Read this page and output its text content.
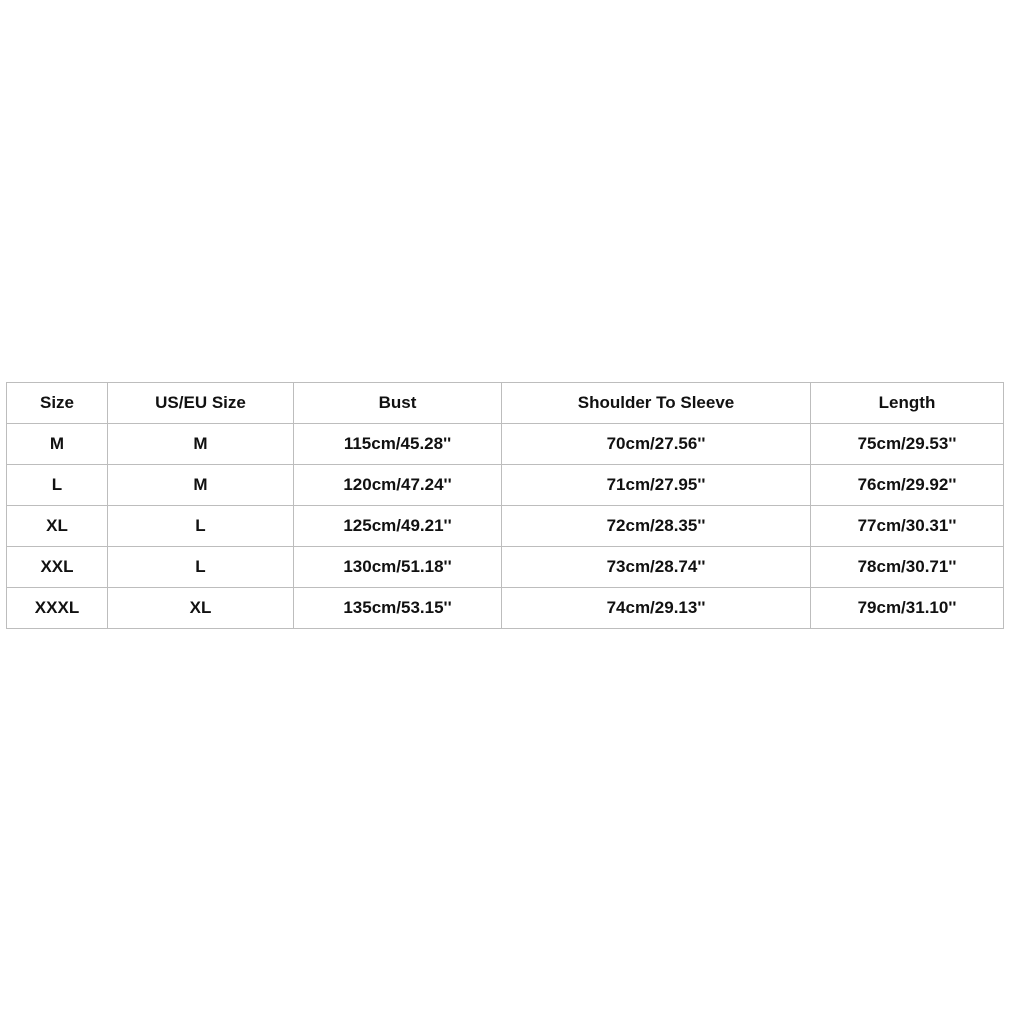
Size	US/EU Size	Bust	Shoulder To Sleeve	Length
M	M	115cm/45.28''	70cm/27.56''	75cm/29.53''
L	M	120cm/47.24''	71cm/27.95''	76cm/29.92''
XL	L	125cm/49.21''	72cm/28.35''	77cm/30.31''
XXL	L	130cm/51.18''	73cm/28.74''	78cm/30.71''
XXXL	XL	135cm/53.15''	74cm/29.13''	79cm/31.10''
